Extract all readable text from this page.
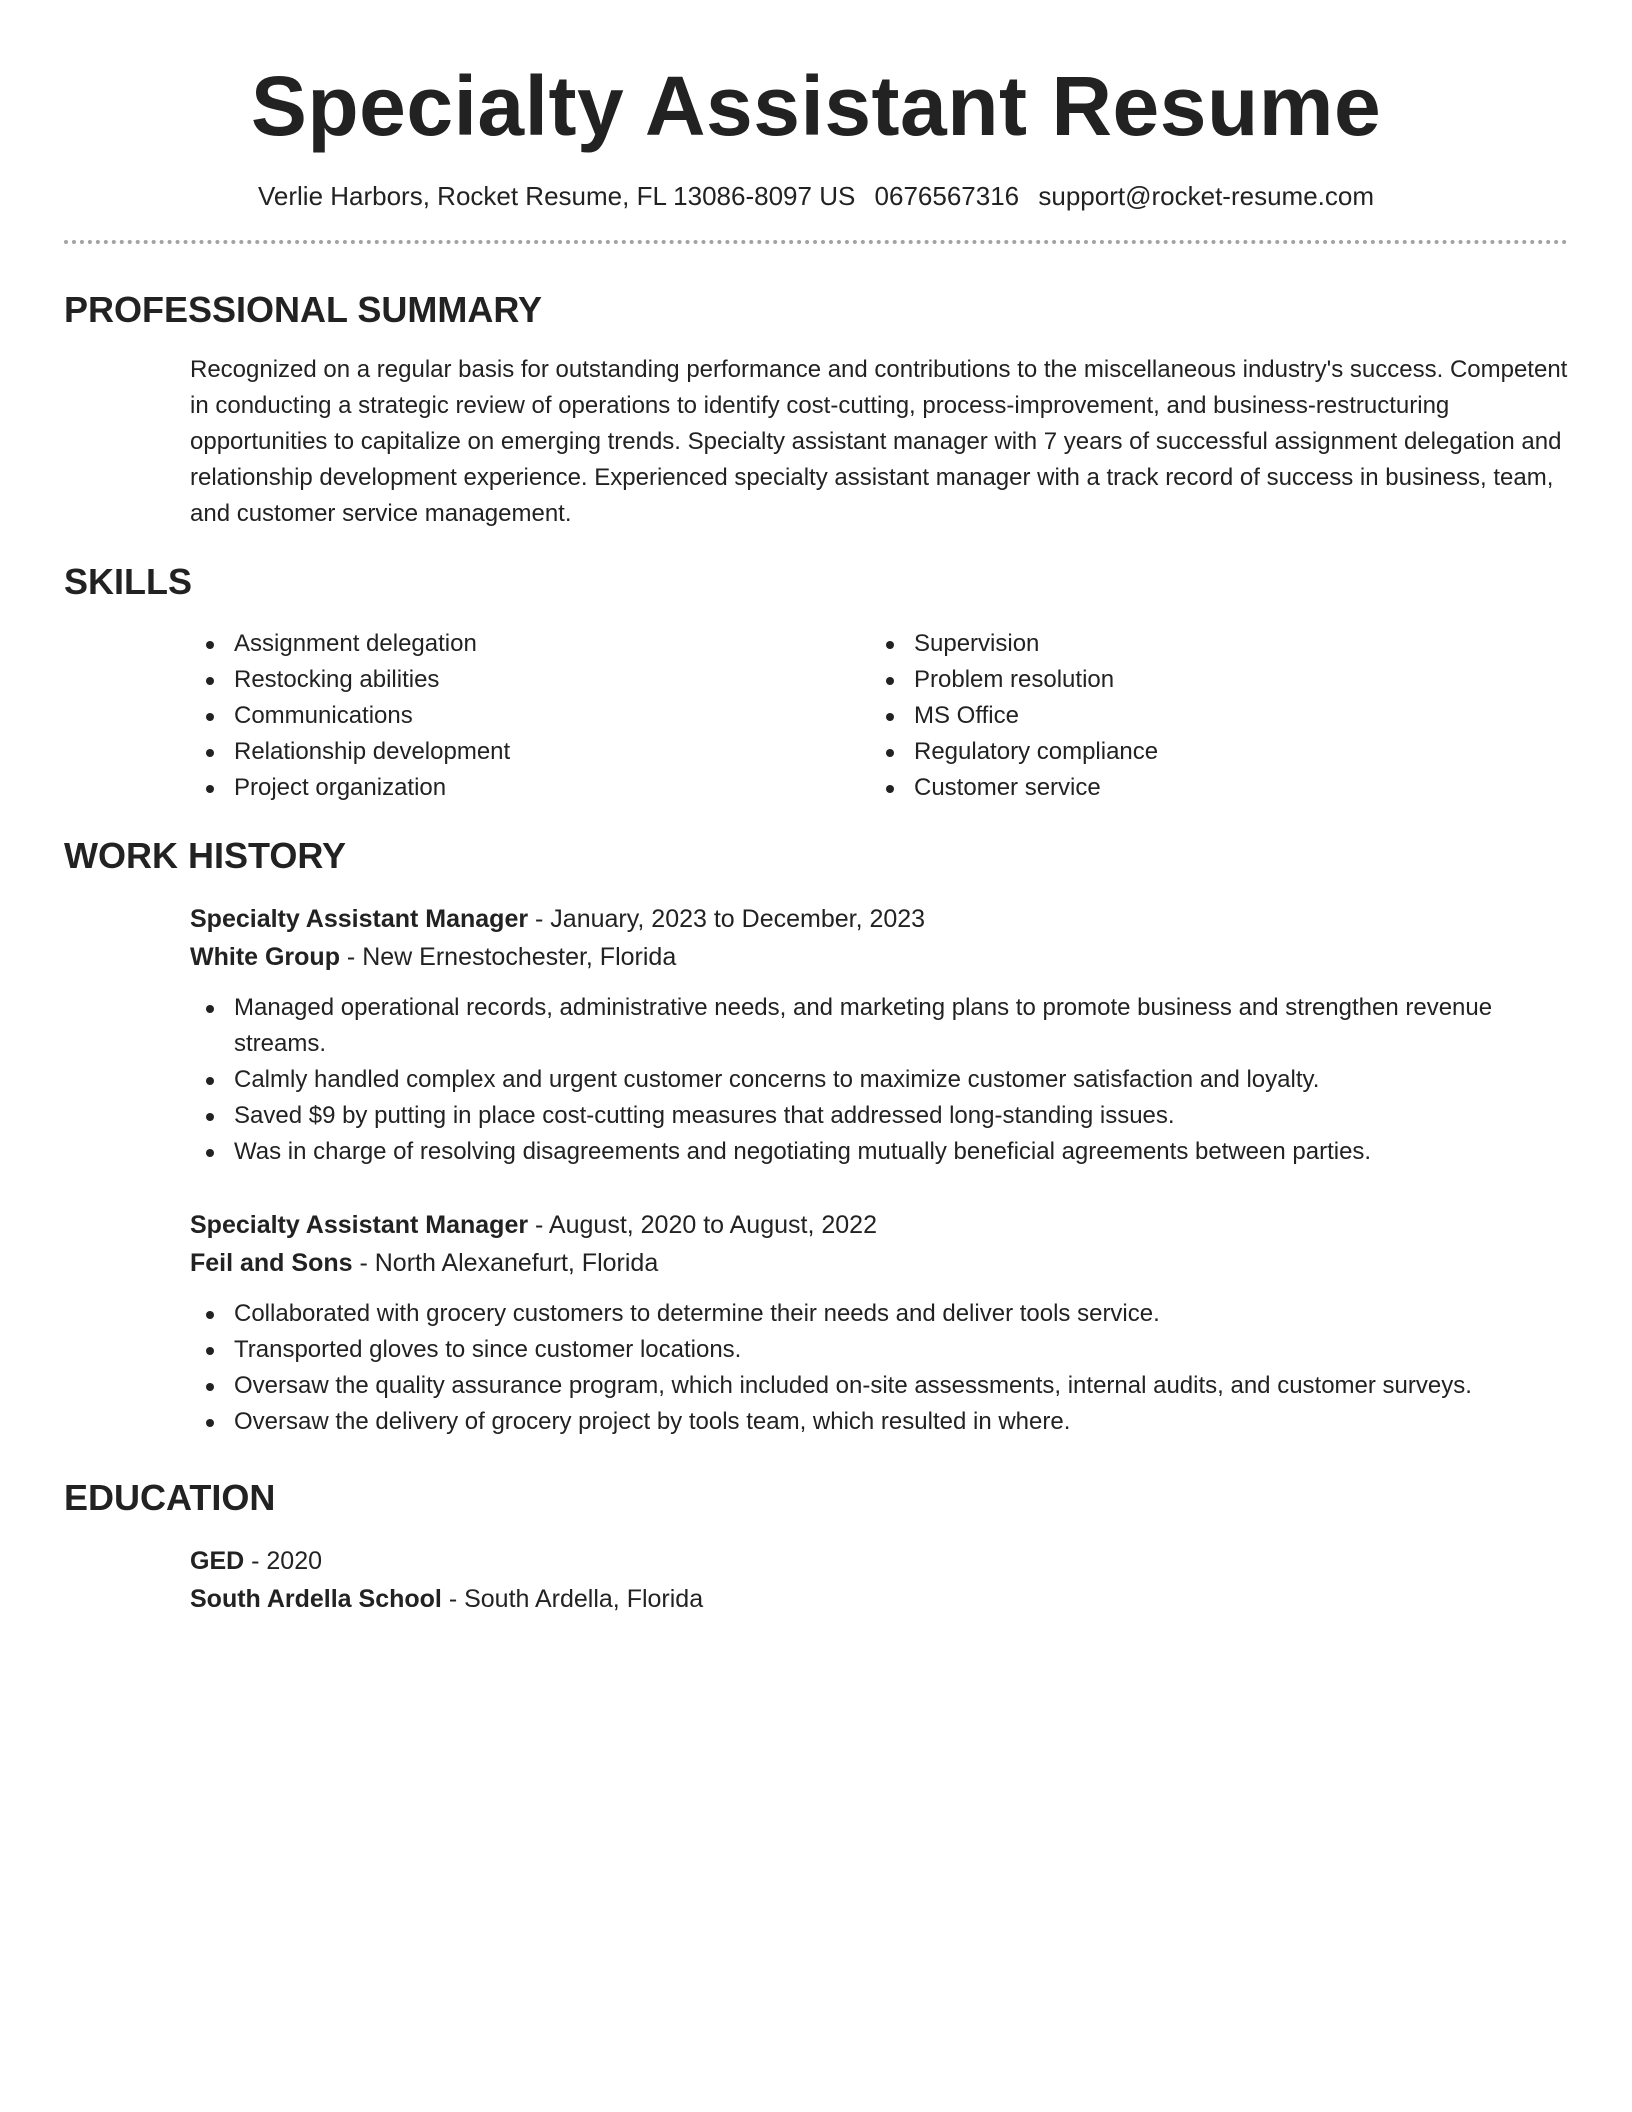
Specialty Assistant Resume
Verlie Harbors, Rocket Resume, FL 13086-8097 US 0676567316 support@rocket-resume.com
PROFESSIONAL SUMMARY
Recognized on a regular basis for outstanding performance and contributions to the miscellaneous industry's success. Competent in conducting a strategic review of operations to identify cost-cutting, process-improvement, and business-restructuring opportunities to capitalize on emerging trends. Specialty assistant manager with 7 years of successful assignment delegation and relationship development experience. Experienced specialty assistant manager with a track record of success in business, team, and customer service management.
SKILLS
Assignment delegation
Restocking abilities
Communications
Relationship development
Project organization
Supervision
Problem resolution
MS Office
Regulatory compliance
Customer service
WORK HISTORY
Specialty Assistant Manager - January, 2023 to December, 2023
White Group - New Ernestochester, Florida
Managed operational records, administrative needs, and marketing plans to promote business and strengthen revenue streams.
Calmly handled complex and urgent customer concerns to maximize customer satisfaction and loyalty.
Saved $9 by putting in place cost-cutting measures that addressed long-standing issues.
Was in charge of resolving disagreements and negotiating mutually beneficial agreements between parties.
Specialty Assistant Manager - August, 2020 to August, 2022
Feil and Sons - North Alexanefurt, Florida
Collaborated with grocery customers to determine their needs and deliver tools service.
Transported gloves to since customer locations.
Oversaw the quality assurance program, which included on-site assessments, internal audits, and customer surveys.
Oversaw the delivery of grocery project by tools team, which resulted in where.
EDUCATION
GED - 2020
South Ardella School - South Ardella, Florida
